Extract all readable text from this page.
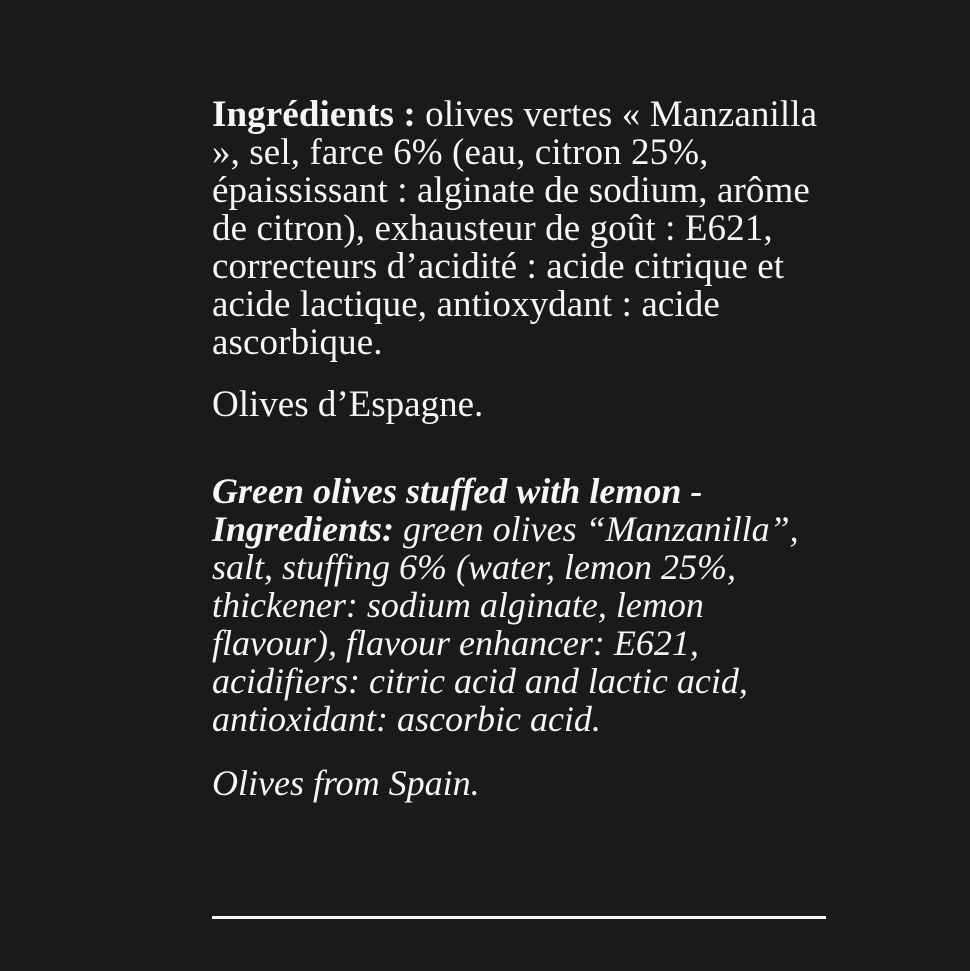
Ingrédients : olives vertes « Manzanilla », sel, farce 6% (eau, citron 25%, épaississant : alginate de sodium, arôme de citron), exhausteur de goût : E621, correcteurs d’acidité : acide citrique et acide lactique, antioxydant : acide ascorbique.

Olives d’Espagne.

Green olives stuffed with lemon - Ingredients: green olives “Manzanilla”, salt, stuffing 6% (water, lemon 25%, thickener: sodium alginate, lemon flavour), flavour enhancer: E621, acidifiers: citric acid and lactic acid, antioxidant: ascorbic acid.

Olives from Spain.
